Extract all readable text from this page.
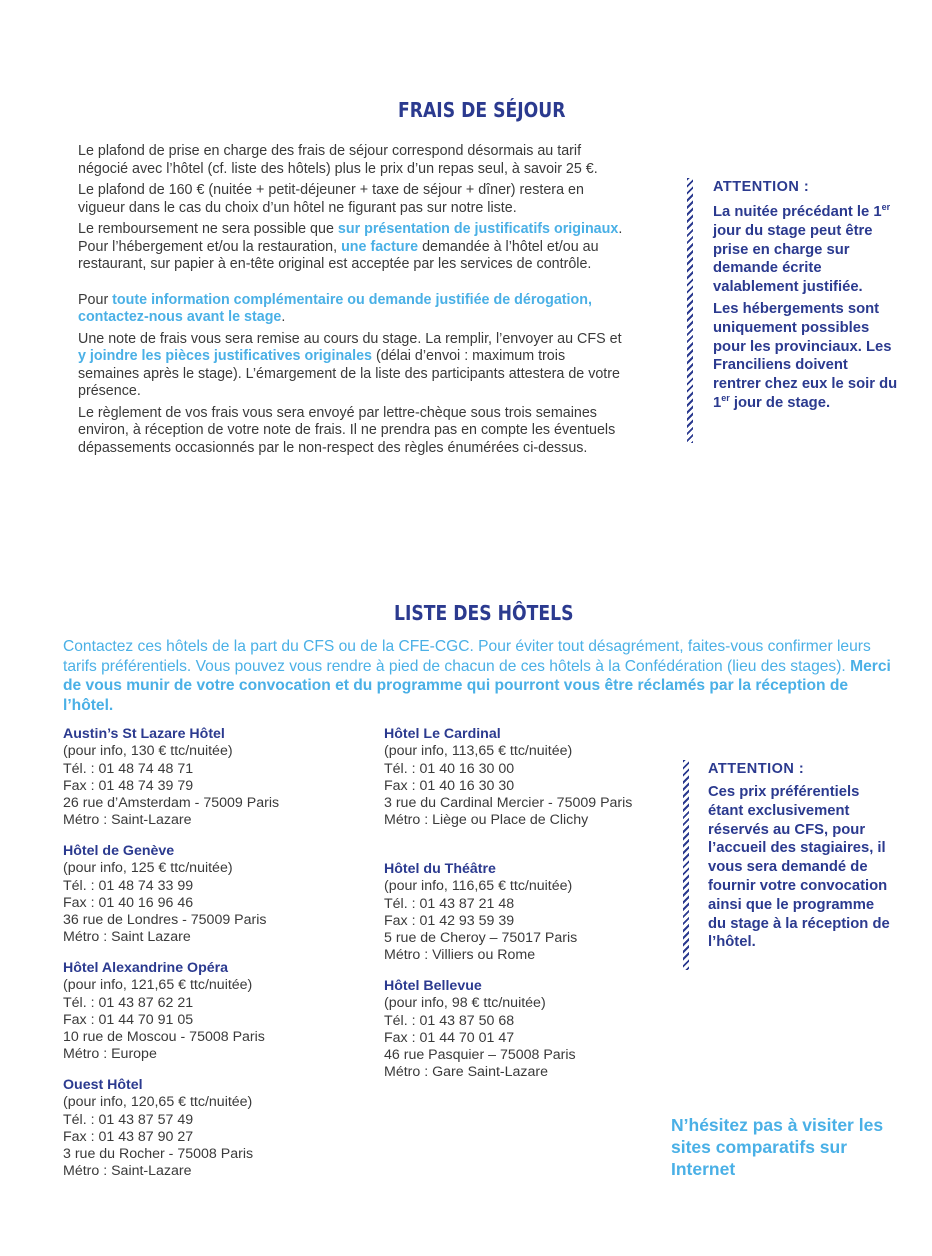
FRAIS DE SÉJOUR

Le plafond de prise en charge des frais de séjour correspond désormais au tarif négocié avec l’hôtel (cf. liste des hôtels) plus le prix d’un repas seul, à savoir 25 €.

Le plafond de 160 € (nuitée + petit-déjeuner + taxe de séjour + dîner) restera en vigueur dans le cas du choix d’un hôtel ne figurant pas sur notre liste.

Le remboursement ne sera possible que sur présentation de justificatifs originaux. Pour l’hébergement et/ou la restauration, une facture demandée à l’hôtel et/ou au restaurant, sur papier à en-tête original est acceptée par les services de contrôle.

Pour toute information complémentaire ou demande justifiée de dérogation, contactez-nous avant le stage.

Une note de frais vous sera remise au cours du stage. La remplir, l’envoyer au CFS et y joindre les pièces justificatives originales (délai d’envoi : maximum trois semaines après le stage). L’émargement de la liste des participants attestera de votre présence.

Le règlement de vos frais vous sera envoyé par lettre-chèque sous trois semaines environ, à réception de votre note de frais. Il ne prendra pas en compte les éventuels dépassements occasionnés par le non-respect des règles énumérées ci-dessus.

ATTENTION :

La nuitée précédant le 1er jour du stage peut être prise en charge sur demande écrite valablement justifiée.

Les hébergements sont uniquement possibles pour les provinciaux. Les Franciliens doivent rentrer chez eux le soir du 1er jour de stage.

LISTE DES HÔTELS
Contactez ces hôtels de la part du CFS ou de la CFE-CGC. Pour éviter tout désagrément, faites-vous confirmer leurs tarifs préférentiels. Vous pouvez vous rendre à pied de chacun de ces hôtels à la Confédération (lieu des stages). Merci de vous munir de votre convocation et du programme qui pourront vous être réclamés par la réception de l’hôtel.
Austin’s St Lazare Hôtel
(pour info, 130 € ttc/nuitée)
Tél. : 01 48 74 48 71
Fax : 01 48 74 39 79
26 rue d’Amsterdam - 75009 Paris
Métro : Saint-Lazare
Hôtel de Genève
(pour info, 125 € ttc/nuitée)
Tél. : 01 48 74 33 99
Fax : 01 40 16 96 46
36 rue de Londres - 75009 Paris
Métro : Saint Lazare
Hôtel Alexandrine Opéra
(pour info, 121,65 € ttc/nuitée)
Tél. : 01 43 87 62 21
Fax : 01 44 70 91 05
10 rue de Moscou - 75008 Paris
Métro : Europe
Ouest Hôtel
(pour info, 120,65 € ttc/nuitée)
Tél. : 01 43 87 57 49
Fax : 01 43 87 90 27
3 rue du Rocher - 75008 Paris
Métro : Saint-Lazare
Hôtel Le Cardinal
(pour info, 113,65 € ttc/nuitée)
Tél. : 01 40 16 30 00
Fax : 01 40 16 30 30
3 rue du Cardinal Mercier - 75009 Paris
Métro : Liège ou Place de Clichy
Hôtel du Théâtre
(pour info, 116,65 € ttc/nuitée)
Tél. : 01 43 87 21 48
Fax : 01 42 93 59 39
5 rue de Cheroy – 75017 Paris
Métro : Villiers ou Rome
Hôtel Bellevue
(pour info, 98 € ttc/nuitée)
Tél. : 01 43 87 50 68
Fax : 01 44 70 01 47
46 rue Pasquier – 75008 Paris
Métro : Gare Saint-Lazare
ATTENTION :

Ces prix préférentiels étant exclusivement réservés au CFS, pour l’accueil des stagiaires, il vous sera demandé de fournir votre convocation ainsi que le programme du stage à la réception de l’hôtel.

N’hésitez pas à visiter les sites comparatifs sur Internet
